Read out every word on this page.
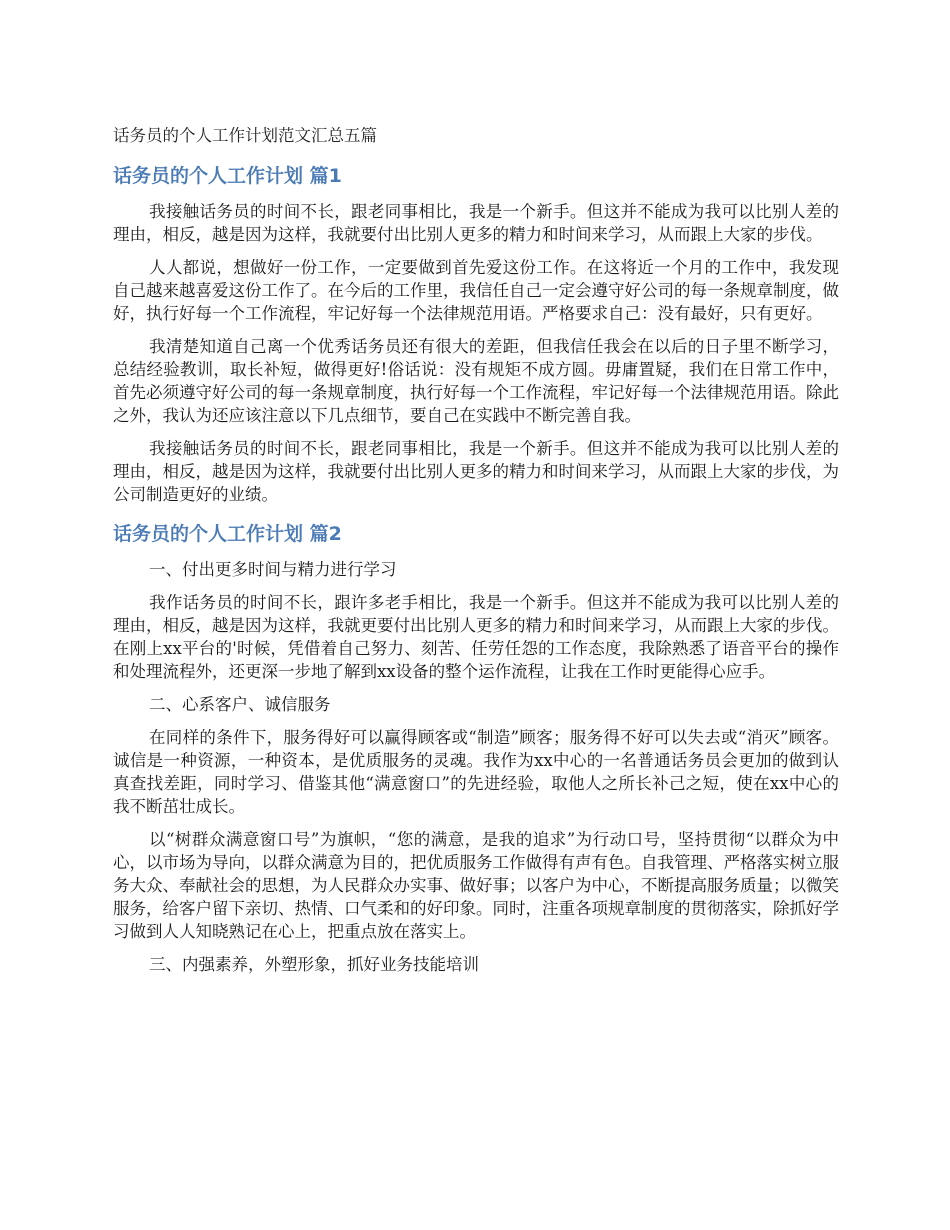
话务员的个人工作计划范文汇总五篇
话务员的个人工作计划 篇1

我接触话务员的时间不长，跟老同事相比，我是一个新手。但这并不能成为我可以比别人差的理由，相反，越是因为这样，我就要付出比别人更多的精力和时间来学习，从而跟上大家的步伐。

人人都说，想做好一份工作，一定要做到首先爱这份工作。在这将近一个月的工作中，我发现自己越来越喜爱这份工作了。在今后的工作里，我信任自己一定会遵守好公司的每一条规章制度，做好，执行好每一个工作流程，牢记好每一个法律规范用语。严格要求自己：没有最好，只有更好。

我清楚知道自己离一个优秀话务员还有很大的差距，但我信任我会在以后的日子里不断学习，总结经验教训，取长补短，做得更好!俗话说：没有规矩不成方圆。毋庸置疑，我们在日常工作中，首先必须遵守好公司的每一条规章制度，执行好每一个工作流程，牢记好每一个法律规范用语。除此之外，我认为还应该注意以下几点细节，要自己在实践中不断完善自我。

我接触话务员的时间不长，跟老同事相比，我是一个新手。但这并不能成为我可以比别人差的理由，相反，越是因为这样，我就要付出比别人更多的精力和时间来学习，从而跟上大家的步伐，为公司制造更好的业绩。

话务员的个人工作计划 篇2

一、付出更多时间与精力进行学习

我作话务员的时间不长，跟许多老手相比，我是一个新手。但这并不能成为我可以比别人差的理由，相反，越是因为这样，我就更要付出比别人更多的精力和时间来学习，从而跟上大家的步伐。在刚上xx平台的'时候，凭借着自己努力、刻苦、任劳任怨的工作态度，我除熟悉了语音平台的操作和处理流程外，还更深一步地了解到xx设备的整个运作流程，让我在工作时更能得心应手。

二、心系客户、诚信服务

在同样的条件下，服务得好可以赢得顾客或“制造”顾客；服务得不好可以失去或“消灭”顾客。诚信是一种资源，一种资本，是优质服务的灵魂。我作为xx中心的一名普通话务员会更加的做到认真查找差距，同时学习、借鉴其他“满意窗口”的先进经验，取他人之所长补己之短，使在xx中心的我不断茁壮成长。

以“树群众满意窗口号”为旗帜，“您的满意，是我的追求”为行动口号，坚持贯彻“以群众为中心，以市场为导向，以群众满意为目的，把优质服务工作做得有声有色。自我管理、严格落实树立服务大众、奉献社会的思想，为人民群众办实事、做好事；以客户为中心，不断提高服务质量；以微笑服务，给客户留下亲切、热情、口气柔和的好印象。同时，注重各项规章制度的贯彻落实，除抓好学习做到人人知晓熟记在心上，把重点放在落实上。

三、内强素养，外塑形象，抓好业务技能培训
